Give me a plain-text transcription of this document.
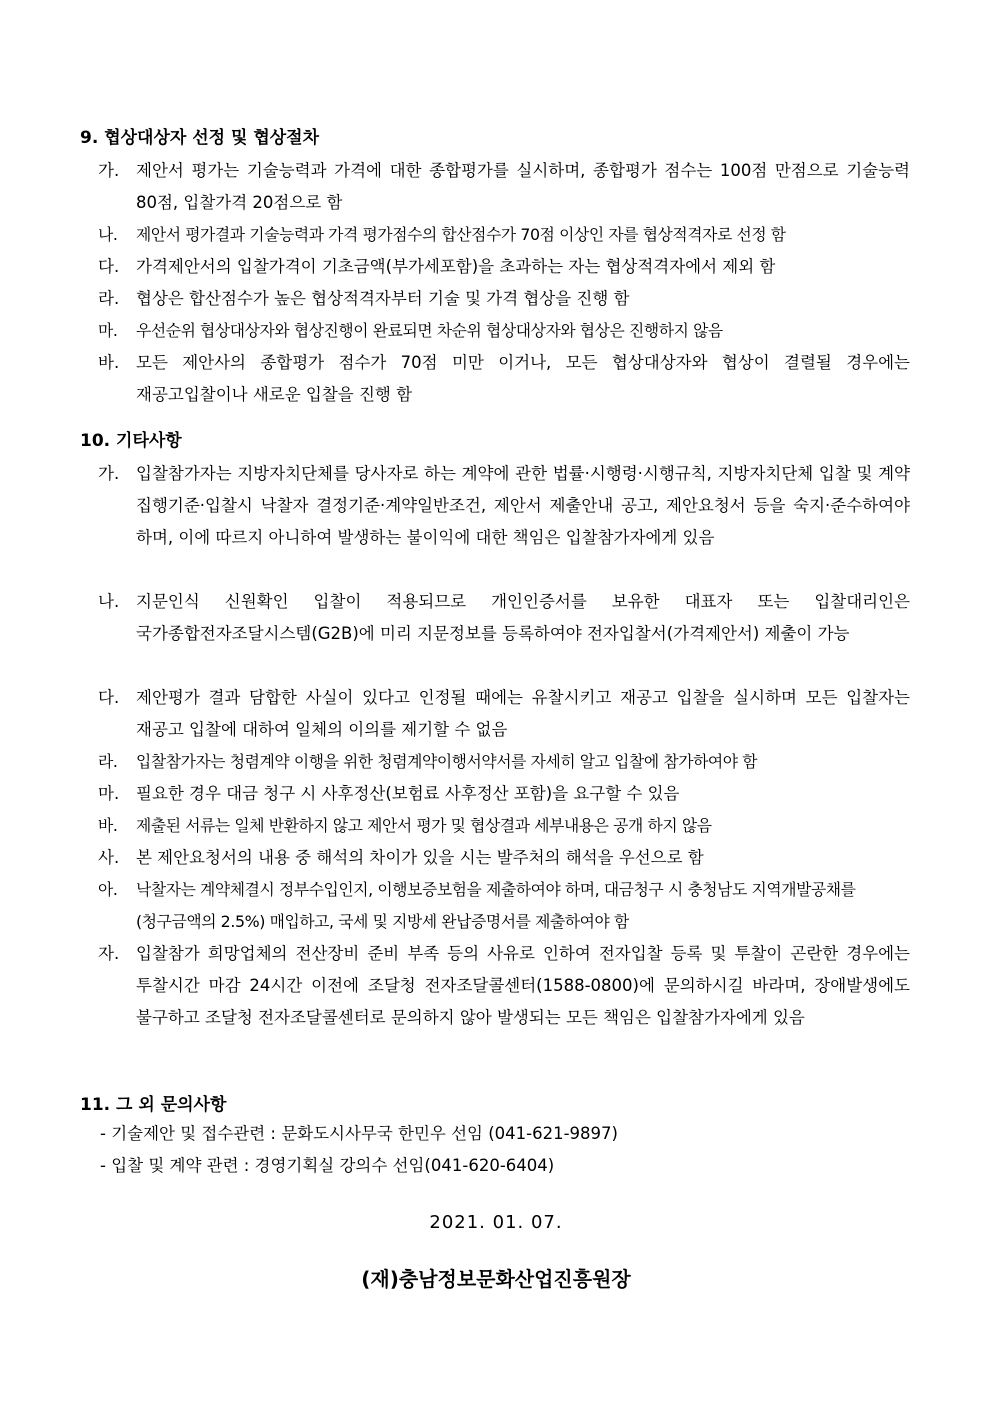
9. 협상대상자 선정 및 협상절차
가.	제안서 평가는 기술능력과 가격에 대한 종합평가를 실시하며, 종합평가 점수는 100점 만점으로 기술능력 80점, 입찰가격 20점으로 함
나.	제안서 평가결과 기술능력과 가격 평가점수의 합산점수가 70점 이상인 자를 협상적격자로 선정 함
다.	가격제안서의 입찰가격이 기초금액(부가세포함)을 초과하는 자는 협상적격자에서 제외 함
라.	협상은 합산점수가 높은 협상적격자부터 기술 및 가격 협상을 진행 함
마.	우선순위 협상대상자와 협상진행이 완료되면 차순위 협상대상자와 협상은 진행하지 않음
바.	모든 제안사의 종합평가 점수가 70점 미만 이거나, 모든 협상대상자와 협상이 결렬될 경우에는 재공고입찰이나 새로운 입찰을 진행 함
10. 기타사항
가.	입찰참가자는 지방자치단체를 당사자로 하는 계약에 관한 법률·시행령·시행규칙, 지방자치단체 입찰 및 계약 집행기준·입찰시 낙찰자 결정기준·계약일반조건, 제안서 제출안내 공고, 제안요청서 등을 숙지·준수하여야 하며, 이에 따르지 아니하여 발생하는 불이익에 대한 책임은 입찰참가자에게 있음
나.	지문인식 신원확인 입찰이 적용되므로 개인인증서를 보유한 대표자 또는 입찰대리인은 국가종합전자조달시스템(G2B)에 미리 지문정보를 등록하여야 전자입찰서(가격제안서) 제출이 가능
다.	제안평가 결과 담합한 사실이 있다고 인정될 때에는 유찰시키고 재공고 입찰을 실시하며 모든 입찰자는 재공고 입찰에 대하여 일체의 이의를 제기할 수 없음
라.	입찰참가자는 청렴계약 이행을 위한 청렴계약이행서약서를 자세히 알고 입찰에 참가하여야 함
마.	필요한 경우 대금 청구 시 사후정산(보험료 사후정산 포함)을 요구할 수 있음
바.	제출된 서류는 일체 반환하지 않고 제안서 평가 및 협상결과 세부내용은 공개 하지 않음
사.	본 제안요청서의 내용 중 해석의 차이가 있을 시는 발주처의 해석을 우선으로 함
아.	낙찰자는 계약체결시 정부수입인지, 이행보증보험을 제출하여야 하며, 대금청구 시 충청남도 지역개발공채를(청구금액의 2.5%) 매입하고, 국세 및 지방세 완납증명서를 제출하여야 함
자.	입찰참가 희망업체의 전산장비 준비 부족 등의 사유로 인하여 전자입찰 등록 및 투찰이 곤란한 경우에는 투찰시간 마감 24시간 이전에 조달청 전자조달콜센터(1588-0800)에 문의하시길 바라며, 장애발생에도 불구하고 조달청 전자조달콜센터로 문의하지 않아 발생되는 모든 책임은 입찰참가자에게 있음
11. 그 외 문의사항
- 기술제안 및 접수관련 : 문화도시사무국 한민우 선임 (041-621-9897)
- 입찰 및 계약 관련 : 경영기획실 강의수 선임(041-620-6404)
2021. 01. 07.
(재)충남정보문화산업진흥원장
